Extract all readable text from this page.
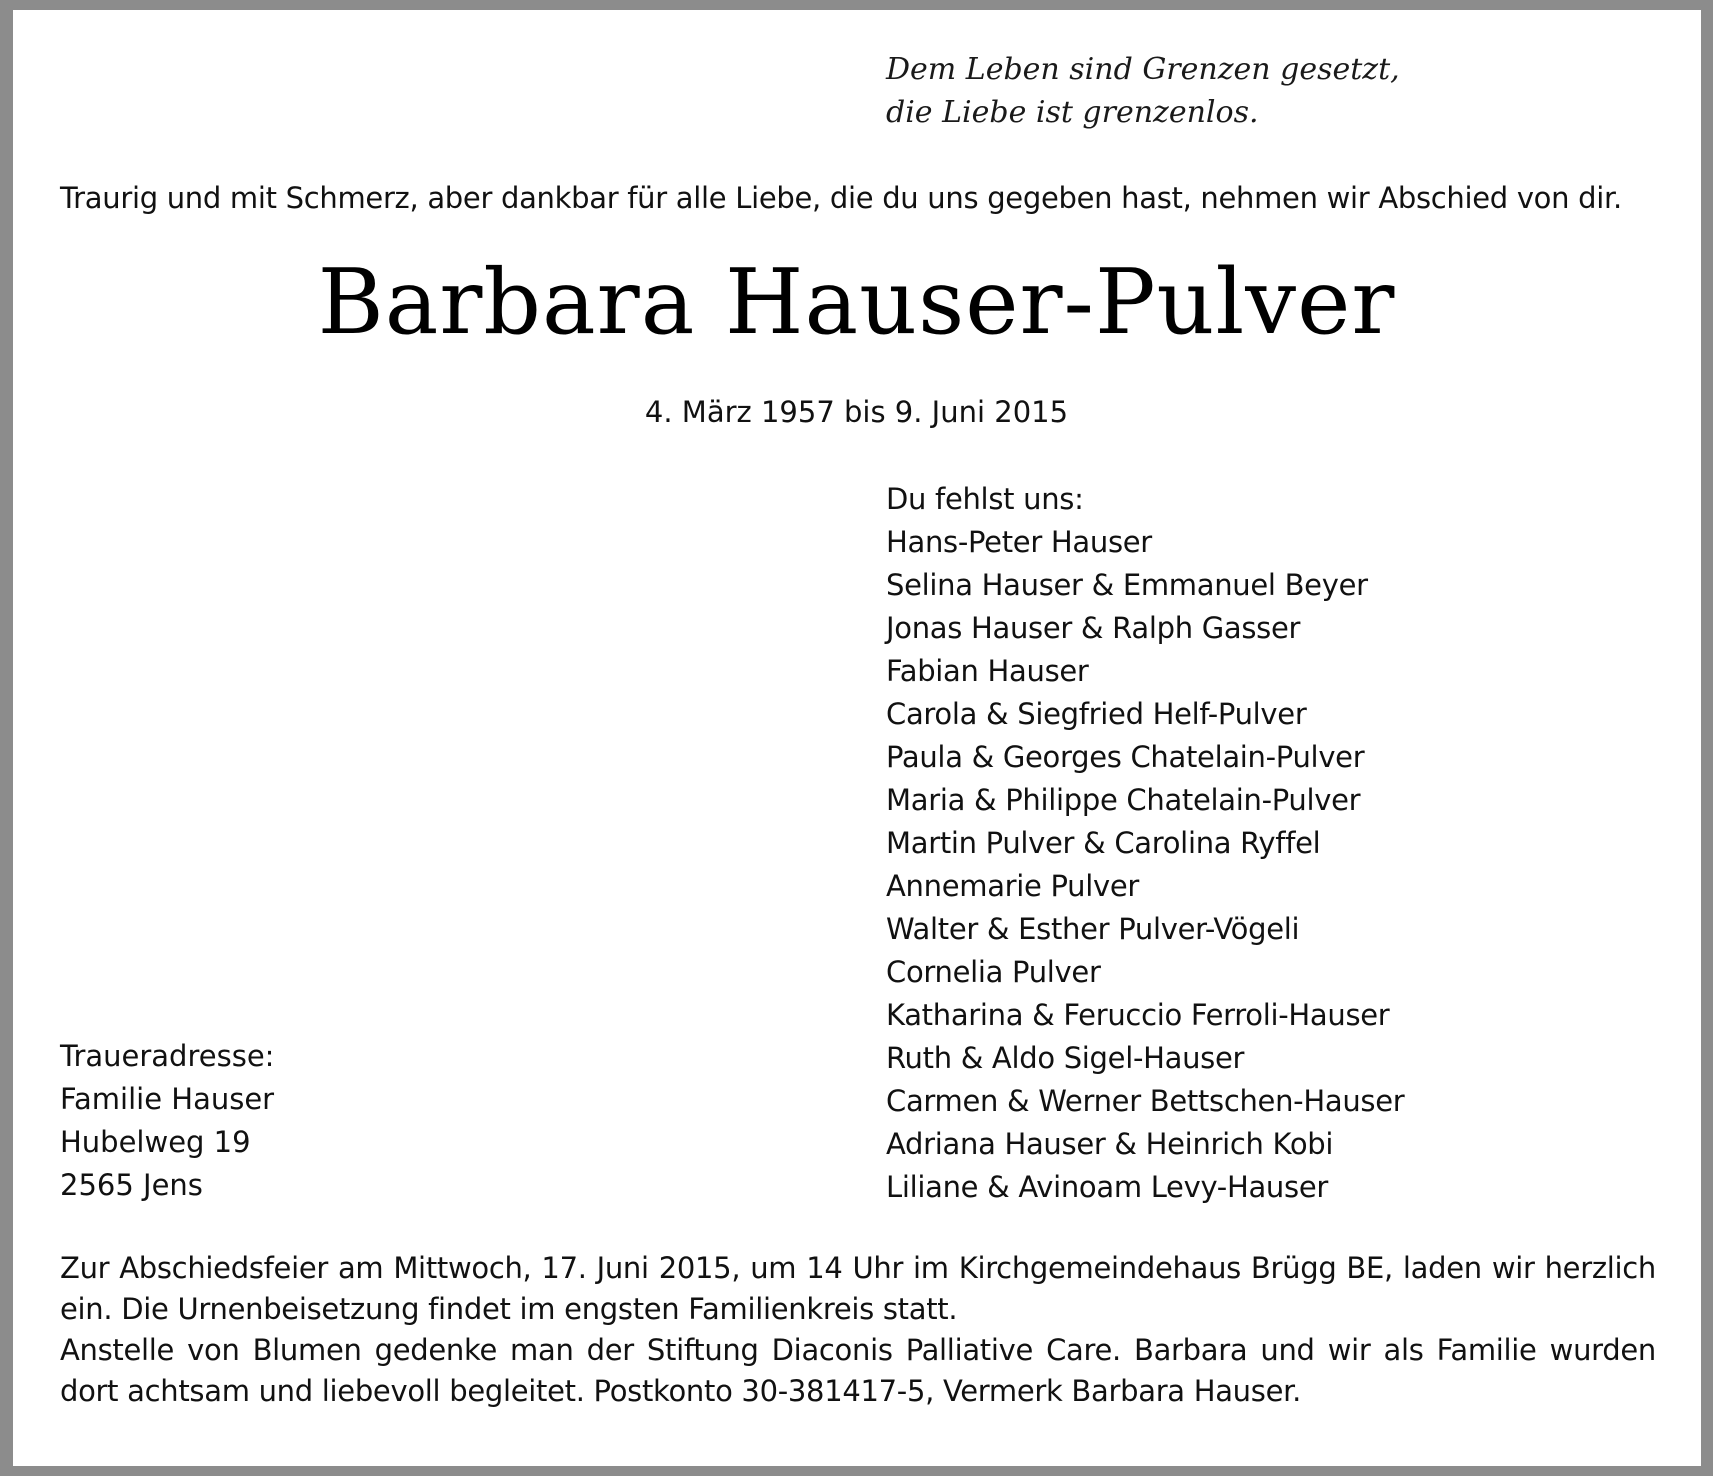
Dem Leben sind Grenzen gesetzt,
die Liebe ist grenzenlos.
Traurig und mit Schmerz, aber dankbar für alle Liebe, die du uns gegeben hast, nehmen wir Abschied von dir.
Barbara Hauser-Pulver
4. März 1957 bis 9. Juni 2015
Du fehlst uns:
Hans-Peter Hauser
Selina Hauser & Emmanuel Beyer
Jonas Hauser & Ralph Gasser
Fabian Hauser
Carola & Siegfried Helf-Pulver
Paula & Georges Chatelain-Pulver
Maria & Philippe Chatelain-Pulver
Martin Pulver & Carolina Ryffel
Annemarie Pulver
Walter & Esther Pulver-Vögeli
Cornelia Pulver
Katharina & Feruccio Ferroli-Hauser
Ruth & Aldo Sigel-Hauser
Carmen & Werner Bettschen-Hauser
Adriana Hauser & Heinrich Kobi
Liliane & Avinoam Levy-Hauser
Traueradresse:
Familie Hauser
Hubelweg 19
2565 Jens

Zur Abschiedsfeier am Mittwoch, 17. Juni 2015, um 14 Uhr im Kirchgemeindehaus Brügg BE, laden wir herzlich ein. Die Urnenbeisetzung findet im engsten Familienkreis statt.

Anstelle von Blumen gedenke man der Stiftung Diaconis Palliative Care. Barbara und wir als Familie wurden dort achtsam und liebevoll begleitet. Postkonto 30-381417-5, Vermerk Barbara Hauser.
